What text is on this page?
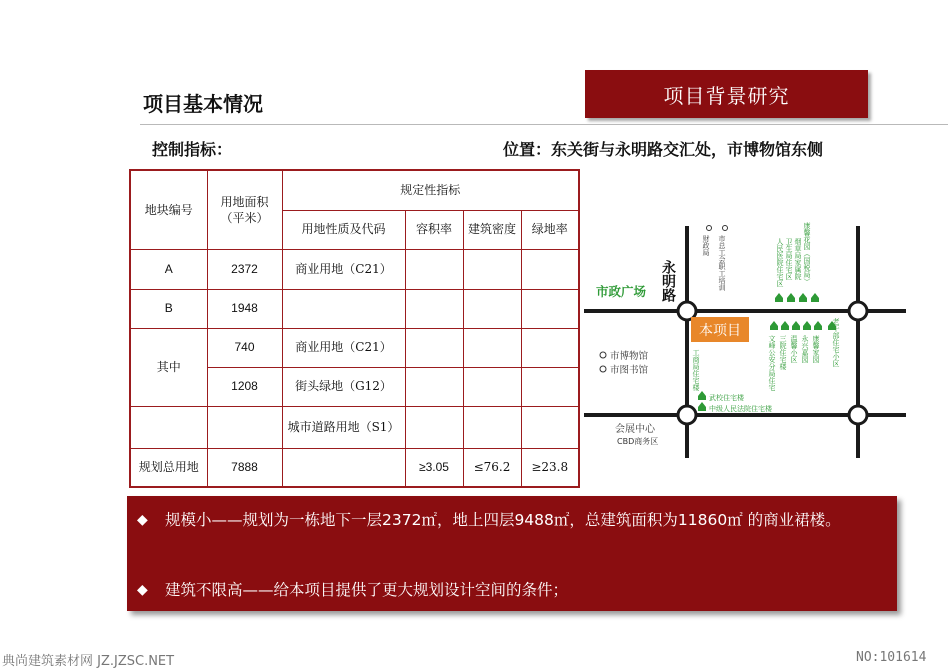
项目基本情况	项目背景研究
控制指标：	位置：东关街与永明路交汇处，市博物馆东侧
地块编号	用地面积（平米）	规定性指标			
		用地性质及代码	容积率	建筑密度	绿地率
A	2372	商业用地（C21）			
B	1948				
其中	740	商业用地（C21）			
	1208	街头绿地（G12）			
		城市道路用地（S1）			
规划总用地	7888		≥3.05	≤76.2	≥23.8
本项目
永明路
市政广场
财政局 市总工会职工培训	人民医院住宅区 卫生局住宅区 烟草局家属院 康馨花园（国税局）
工商局住宅楼	文峰公安分局住宅 三院住宅楼 温馨小区 永兴嘉园 康馨家园 老干部住宅小区
武校住宅楼
中级人民法院住宅楼
市博物馆
市图书馆
会展中心
CBD商务区
◆	规模小——规划为一栋地下一层2372㎡，地上四层9488㎡，总建筑面积为11860㎡ 的商业裙楼。
◆	建筑不限高——给本项目提供了更大规划设计空间的条件；
典尚建筑素材网 JZ.JZSC.NET	NO:101614
